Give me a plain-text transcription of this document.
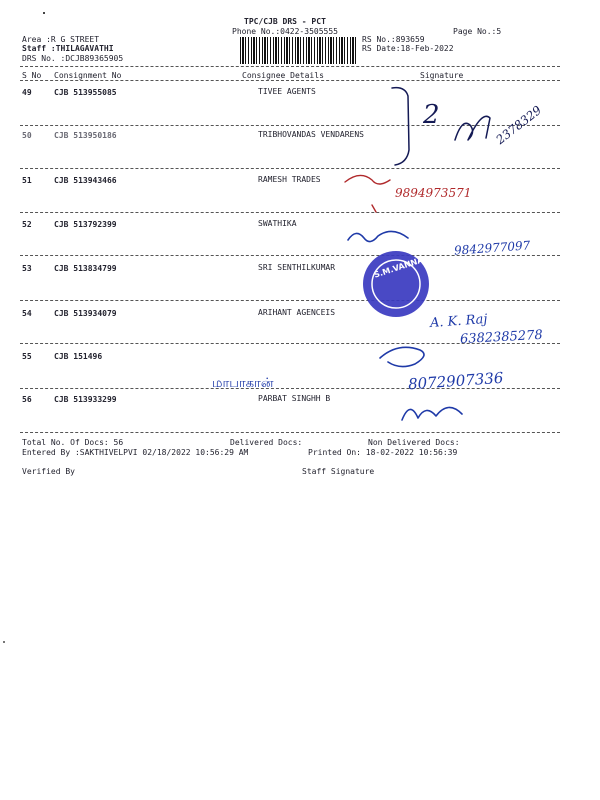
TPC/CJB DRS - PCT
Phone No.:0422-3505555	Page No.:5
Area :R G STREET
Staff :THILAGAVATHI
DRS No. :DCJB89365905
RS No.:893659
RS Date:18-Feb-2022
S No Consignment No	Consignee Details	Signature
49	CJB 513955085	TIVEE AGENTS
50	CJB 513950186	TRIBHOVANDAS VENDARENS
51	CJB 513943466	RAMESH TRADES
52	CJB 513792399	SWATHIKA
53	CJB 513834799	SRI SENTHILKUMAR
54	CJB 513934079	ARIHANT AGENCEIS
55	CJB 151496
56	CJB 513933299	PARBAT SINGHH B
S.M.VANNA
2	2378329
9894973571
9842977097
A. K. Raj
6382385278
8072907336
மாபாகான்
Total No. Of Docs: 56	Delivered Docs:	Non Delivered Docs:
Entered By :SAKTHIVELPVI 02/18/2022 10:56:29 AM	Printed On: 18-02-2022 10:56:39
Verified By	Staff Signature
